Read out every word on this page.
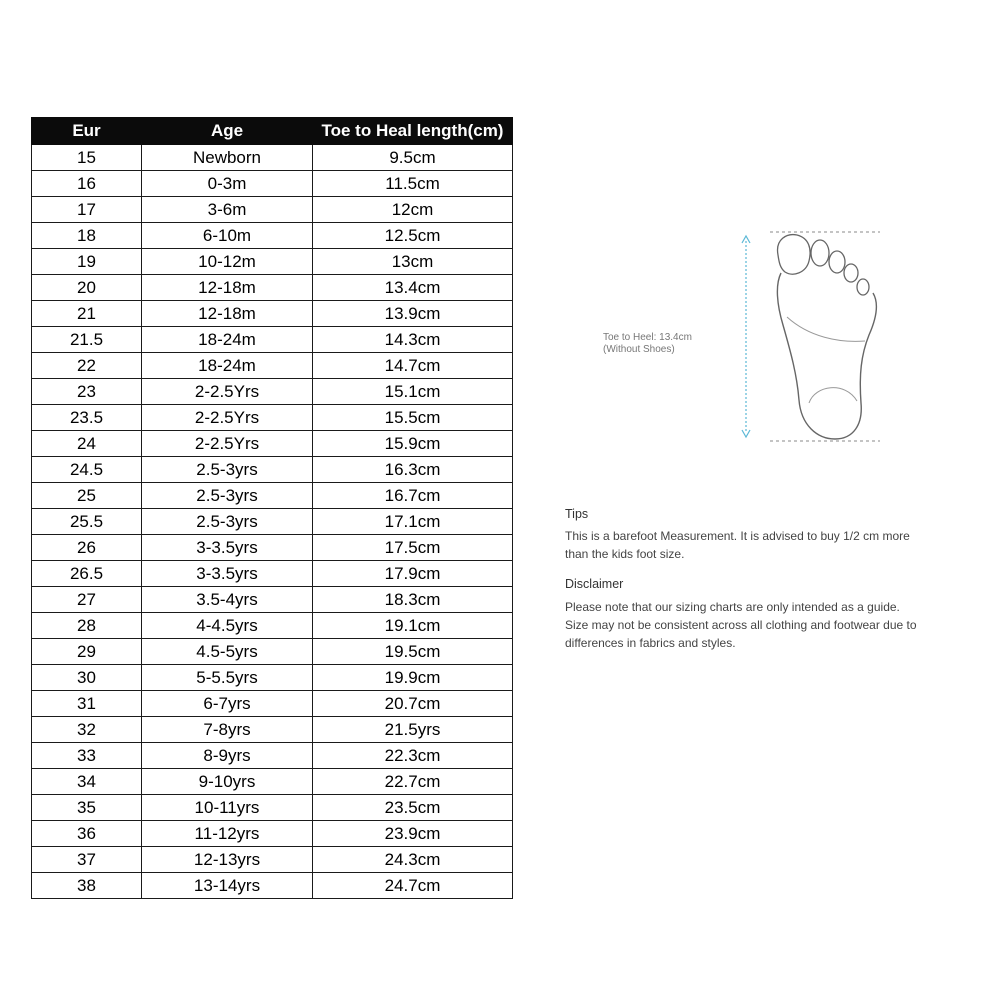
Eur	Age	Toe to Heal length(cm)
15	Newborn	9.5cm
16	0-3m	11.5cm
17	3-6m	12cm
18	6-10m	12.5cm
19	10-12m	13cm
20	12-18m	13.4cm
21	12-18m	13.9cm
21.5	18-24m	14.3cm
22	18-24m	14.7cm
23	2-2.5Yrs	15.1cm
23.5	2-2.5Yrs	15.5cm
24	2-2.5Yrs	15.9cm
24.5	2.5-3yrs	16.3cm
25	2.5-3yrs	16.7cm
25.5	2.5-3yrs	17.1cm
26	3-3.5yrs	17.5cm
26.5	3-3.5yrs	17.9cm
27	3.5-4yrs	18.3cm
28	4-4.5yrs	19.1cm
29	4.5-5yrs	19.5cm
30	5-5.5yrs	19.9cm
31	6-7yrs	20.7cm
32	7-8yrs	21.5yrs
33	8-9yrs	22.3cm
34	9-10yrs	22.7cm
35	10-11yrs	23.5cm
36	11-12yrs	23.9cm
37	12-13yrs	24.3cm
38	13-14yrs	24.7cm
Toe to Heel: 13.4cm
(Without Shoes)
Tips
This is a barefoot Measurement. It is advised to buy 1/2 cm more
than the kids foot size.
Disclaimer
Please note that our sizing charts are only intended as a guide.
Size may not be consistent across all clothing and footwear due to
differences in fabrics and styles.
